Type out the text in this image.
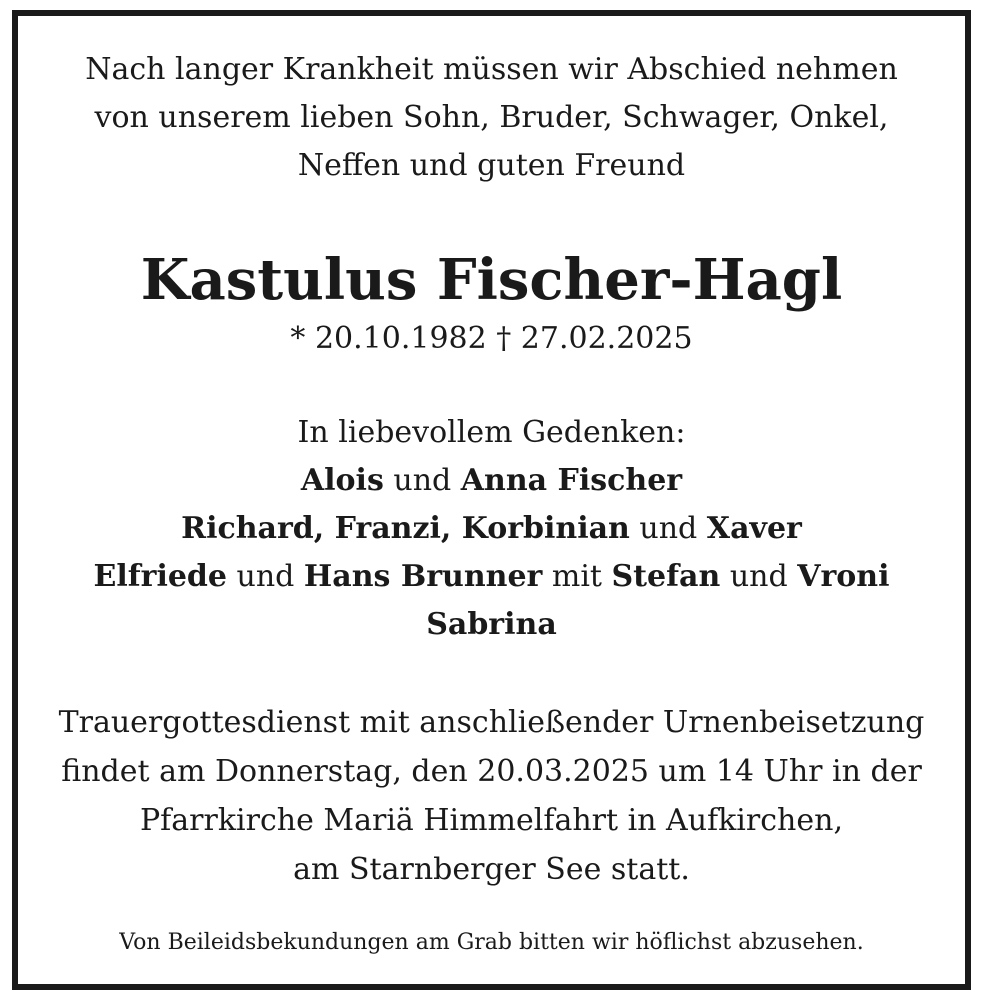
Nach langer Krankheit müssen wir Abschied nehmen
von unserem lieben Sohn, Bruder, Schwager, Onkel,
Neffen und guten Freund
Kastulus Fischer-Hagl
* 20.10.1982 † 27.02.2025
In liebevollem Gedenken:
Alois und Anna Fischer
Richard, Franzi, Korbinian und Xaver
Elfriede und Hans Brunner mit Stefan und Vroni
Sabrina
Trauergottesdienst mit anschließender Urnenbeisetzung
findet am Donnerstag, den 20.03.2025 um 14 Uhr in der
Pfarrkirche Mariä Himmelfahrt in Aufkirchen,
am Starnberger See statt.
Von Beileidsbekundungen am Grab bitten wir höflichst abzusehen.
